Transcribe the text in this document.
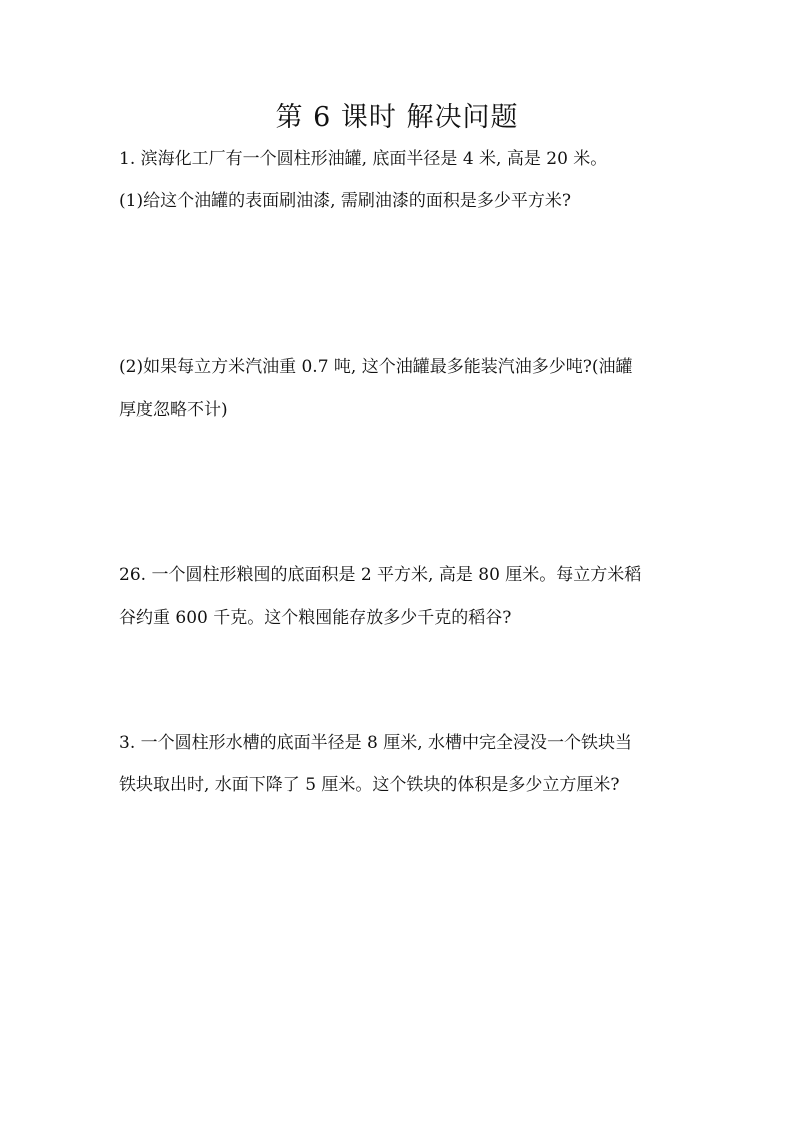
第 6 课时 解决问题
1. 滨海化工厂有一个圆柱形油罐, 底面半径是 4 米, 高是 20 米。
(1)给这个油罐的表面刷油漆, 需刷油漆的面积是多少平方米?
(2)如果每立方米汽油重 0.7 吨, 这个油罐最多能装汽油多少吨?(油罐
厚度忽略不计)
26. 一个圆柱形粮囤的底面积是 2 平方米, 高是 80 厘米。每立方米稻
谷约重 600 千克。这个粮囤能存放多少千克的稻谷?
3. 一个圆柱形水槽的底面半径是 8 厘米, 水槽中完全浸没一个铁块当
铁块取出时, 水面下降了 5 厘米。这个铁块的体积是多少立方厘米?
